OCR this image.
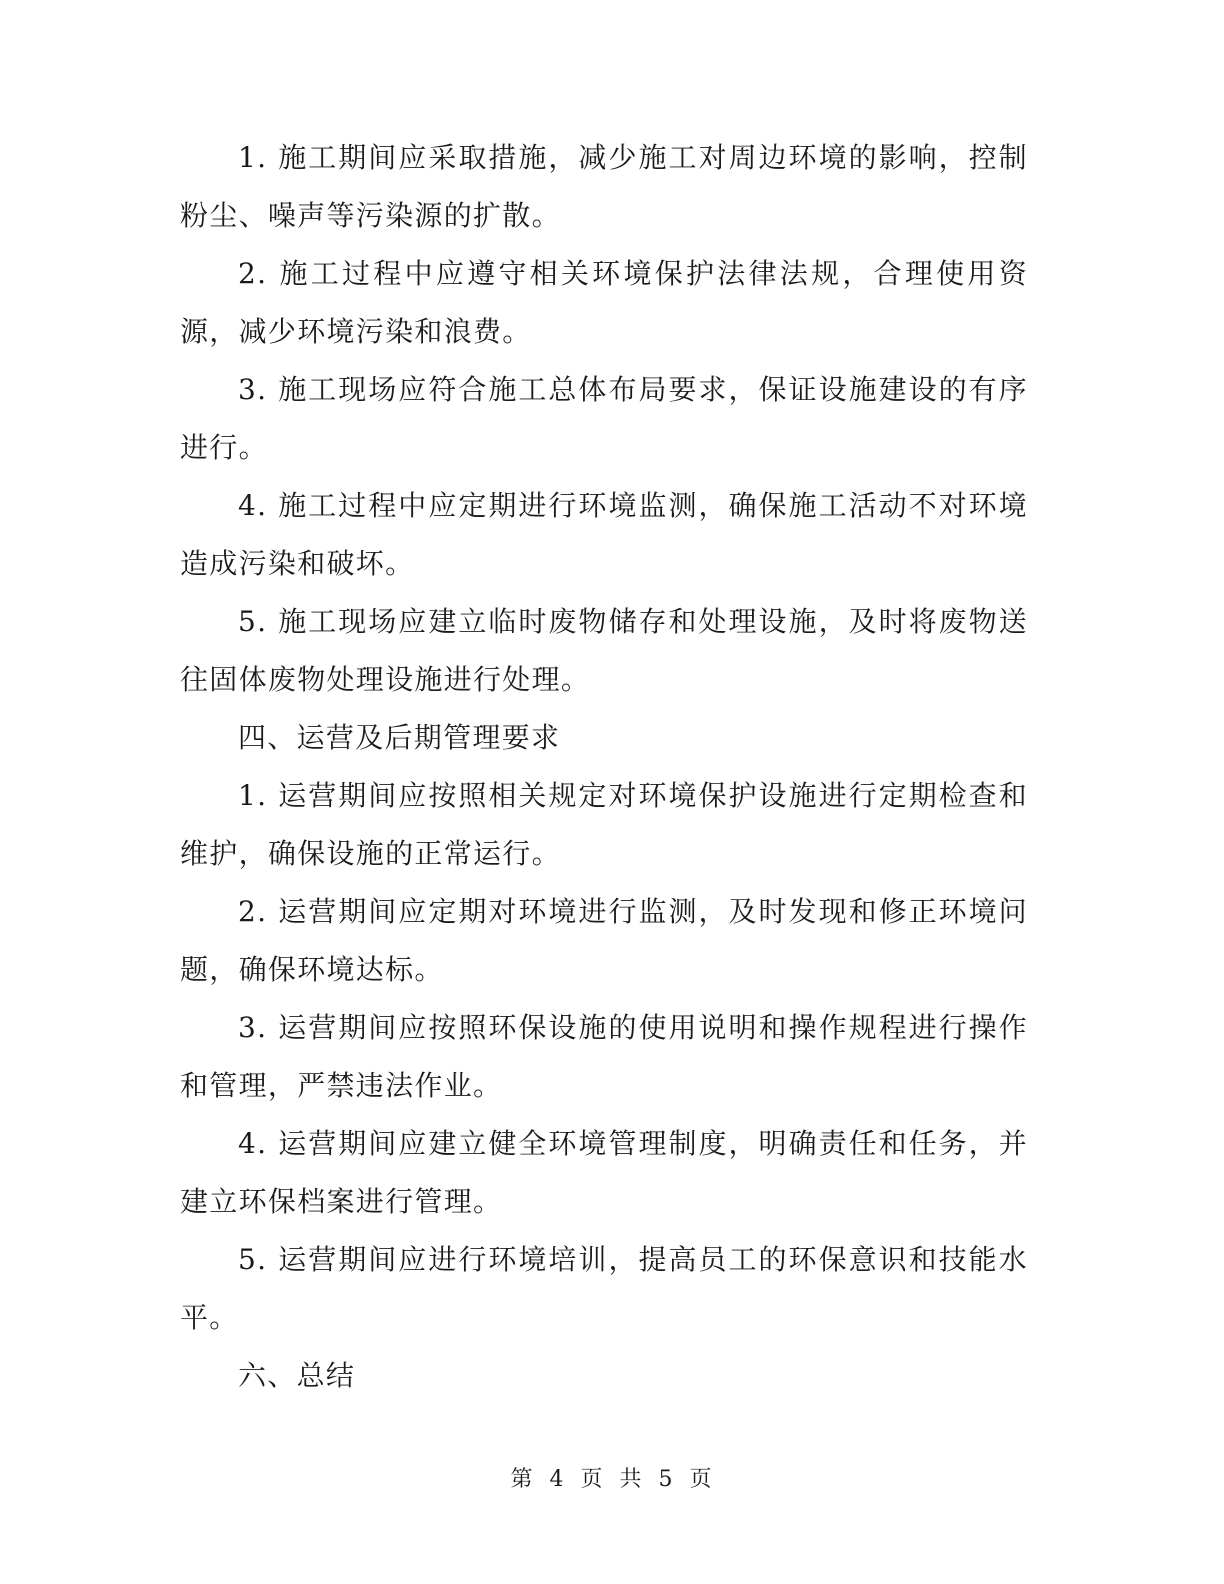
1. 施工期间应采取措施，减少施工对周边环境的影响，控制粉尘、噪声等污染源的扩散。

2. 施工过程中应遵守相关环境保护法律法规，合理使用资源，减少环境污染和浪费。

3. 施工现场应符合施工总体布局要求，保证设施建设的有序进行。

4. 施工过程中应定期进行环境监测，确保施工活动不对环境造成污染和破坏。

5. 施工现场应建立临时废物储存和处理设施，及时将废物送往固体废物处理设施进行处理。

四、运营及后期管理要求

1. 运营期间应按照相关规定对环境保护设施进行定期检查和维护，确保设施的正常运行。

2. 运营期间应定期对环境进行监测，及时发现和修正环境问题，确保环境达标。

3. 运营期间应按照环保设施的使用说明和操作规程进行操作和管理，严禁违法作业。

4. 运营期间应建立健全环境管理制度，明确责任和任务，并建立环保档案进行管理。

5. 运营期间应进行环境培训，提高员工的环保意识和技能水平。

六、总结

第 4 页 共 5 页
